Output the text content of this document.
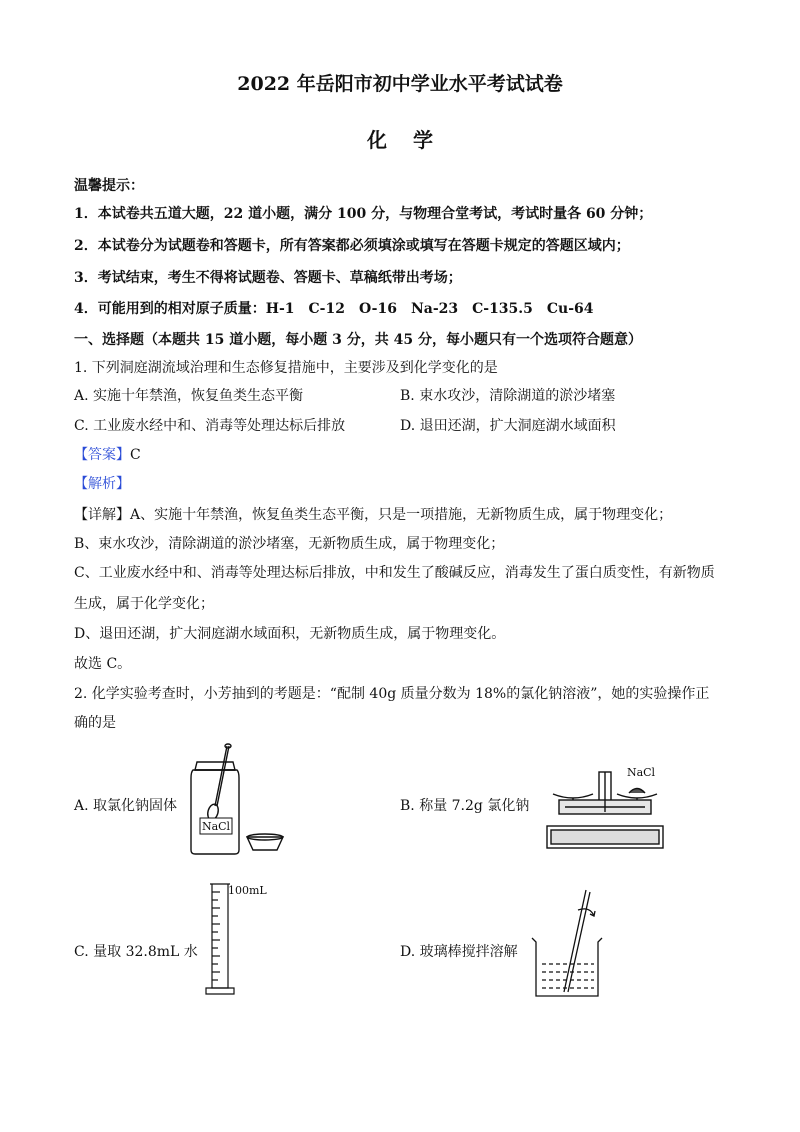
2022 年岳阳市初中学业水平考试试卷
化学
温馨提示：
1．本试卷共五道大题，22 道小题，满分 100 分，与物理合堂考试，考试时量各 60 分钟；
2．本试卷分为试题卷和答题卡，所有答案都必须填涂或填写在答题卡规定的答题区域内；
3．考试结束，考生不得将试题卷、答题卡、草稿纸带出考场；
4．可能用到的相对原子质量：H-1　C-12　O-16　Na-23　C-135.5　Cu-64
一、选择题（本题共 15 道小题，每小题 3 分，共 45 分，每小题只有一个选项符合题意）
1. 下列洞庭湖流域治理和生态修复措施中，主要涉及到化学变化的是
A. 实施十年禁渔，恢复鱼类生态平衡	B. 束水攻沙，清除湖道的淤沙堵塞
C. 工业废水经中和、消毒等处理达标后排放	D. 退田还湖，扩大洞庭湖水域面积
【答案】C
【解析】
【详解】A、实施十年禁渔，恢复鱼类生态平衡，只是一项措施，无新物质生成，属于物理变化；
B、束水攻沙，清除湖道的淤沙堵塞，无新物质生成，属于物理变化；
C、工业废水经中和、消毒等处理达标后排放，中和发生了酸碱反应，消毒发生了蛋白质变性，有新物质
生成，属于化学变化；
D、退田还湖，扩大洞庭湖水域面积，无新物质生成，属于物理变化。
故选 C。
2. 化学实验考查时，小芳抽到的考题是：“配制 40g 质量分数为 18%的氯化钠溶液”，她的实验操作正
确的是
A. 取氯化钠固体	B. 称量 7.2g 氯化钠
C. 量取 32.8mL 水	D. 玻璃棒搅拌溶解
NaCl
NaCl
100mL
